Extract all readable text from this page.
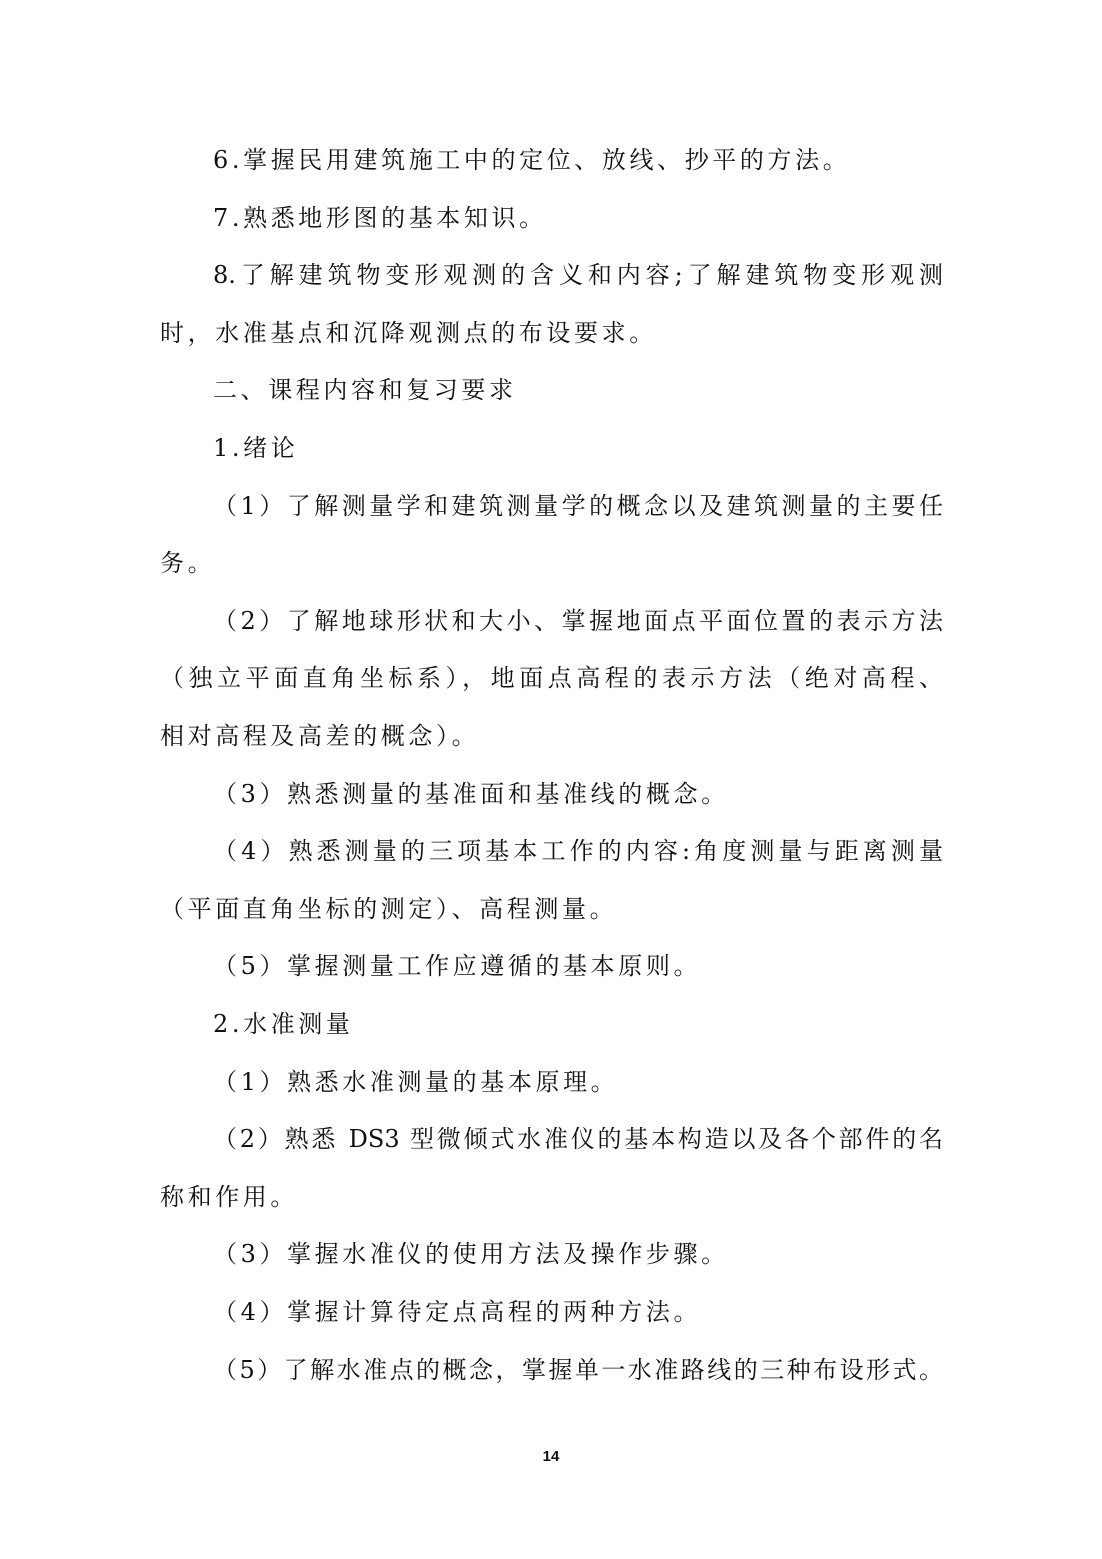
6.掌握民用建筑施工中的定位、放线、抄平的方法。
7.熟悉地形图的基本知识。
8.了解建筑物变形观测的含义和内容;了解建筑物变形观测
时，水准基点和沉降观测点的布设要求。
二、课程内容和复习要求
1.绪论
（1）了解测量学和建筑测量学的概念以及建筑测量的主要任
务。
（2）了解地球形状和大小、掌握地面点平面位置的表示方法
（独立平面直角坐标系），地面点高程的表示方法（绝对高程、
相对高程及高差的概念）。
（3）熟悉测量的基准面和基准线的概念。
（4）熟悉测量的三项基本工作的内容:角度测量与距离测量
（平面直角坐标的测定）、高程测量。
（5）掌握测量工作应遵循的基本原则。
2.水准测量
（1）熟悉水准测量的基本原理。
（2）熟悉 DS3 型微倾式水准仪的基本构造以及各个部件的名
称和作用。
（3）掌握水准仪的使用方法及操作步骤。
（4）掌握计算待定点高程的两种方法。
（5）了解水准点的概念，掌握单一水准路线的三种布设形式。
14
